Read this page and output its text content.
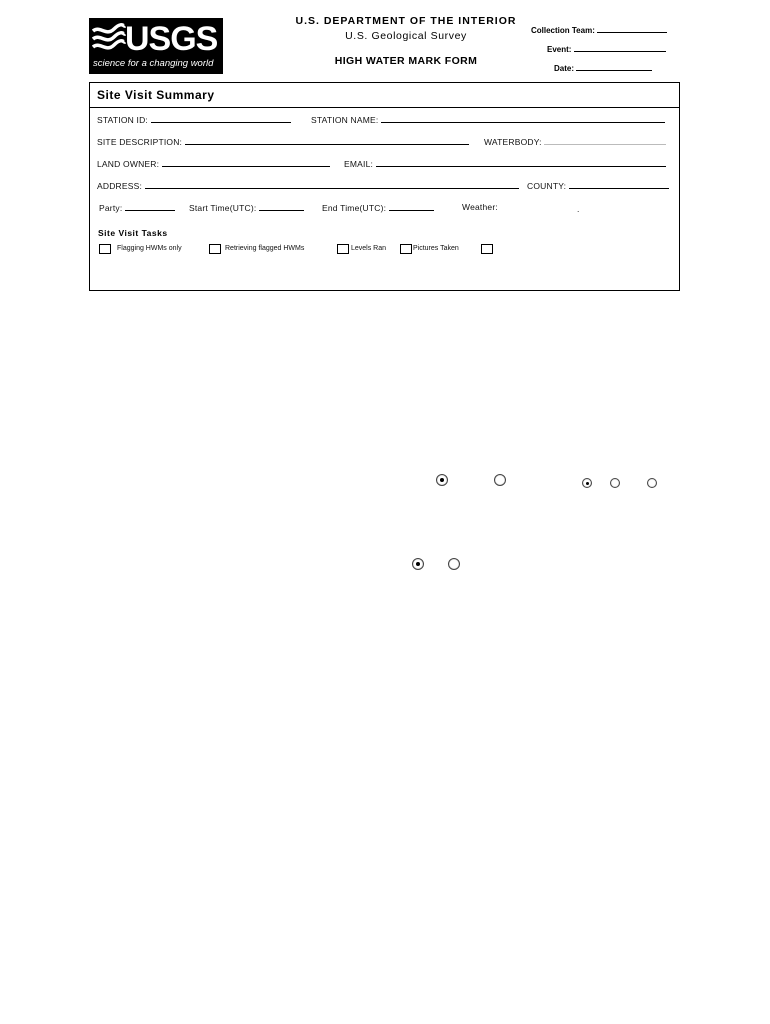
USGS
science for a changing world
U.S. DEPARTMENT OF THE INTERIOR
U.S. Geological Survey
HIGH WATER MARK FORM
Collection Team:
Event:
Date:
Site Visit Summary
STATION ID:	STATION NAME:
SITE DESCRIPTION:	WATERBODY:
LAND OWNER:	EMAIL:
ADDRESS:	COUNTY:
Party:	Start Time(UTC):	End Time(UTC):	Weather:	.
Site Visit Tasks
Flagging HWMs only	Retrieving flagged HWMs	Levels Ran	Pictures Taken
